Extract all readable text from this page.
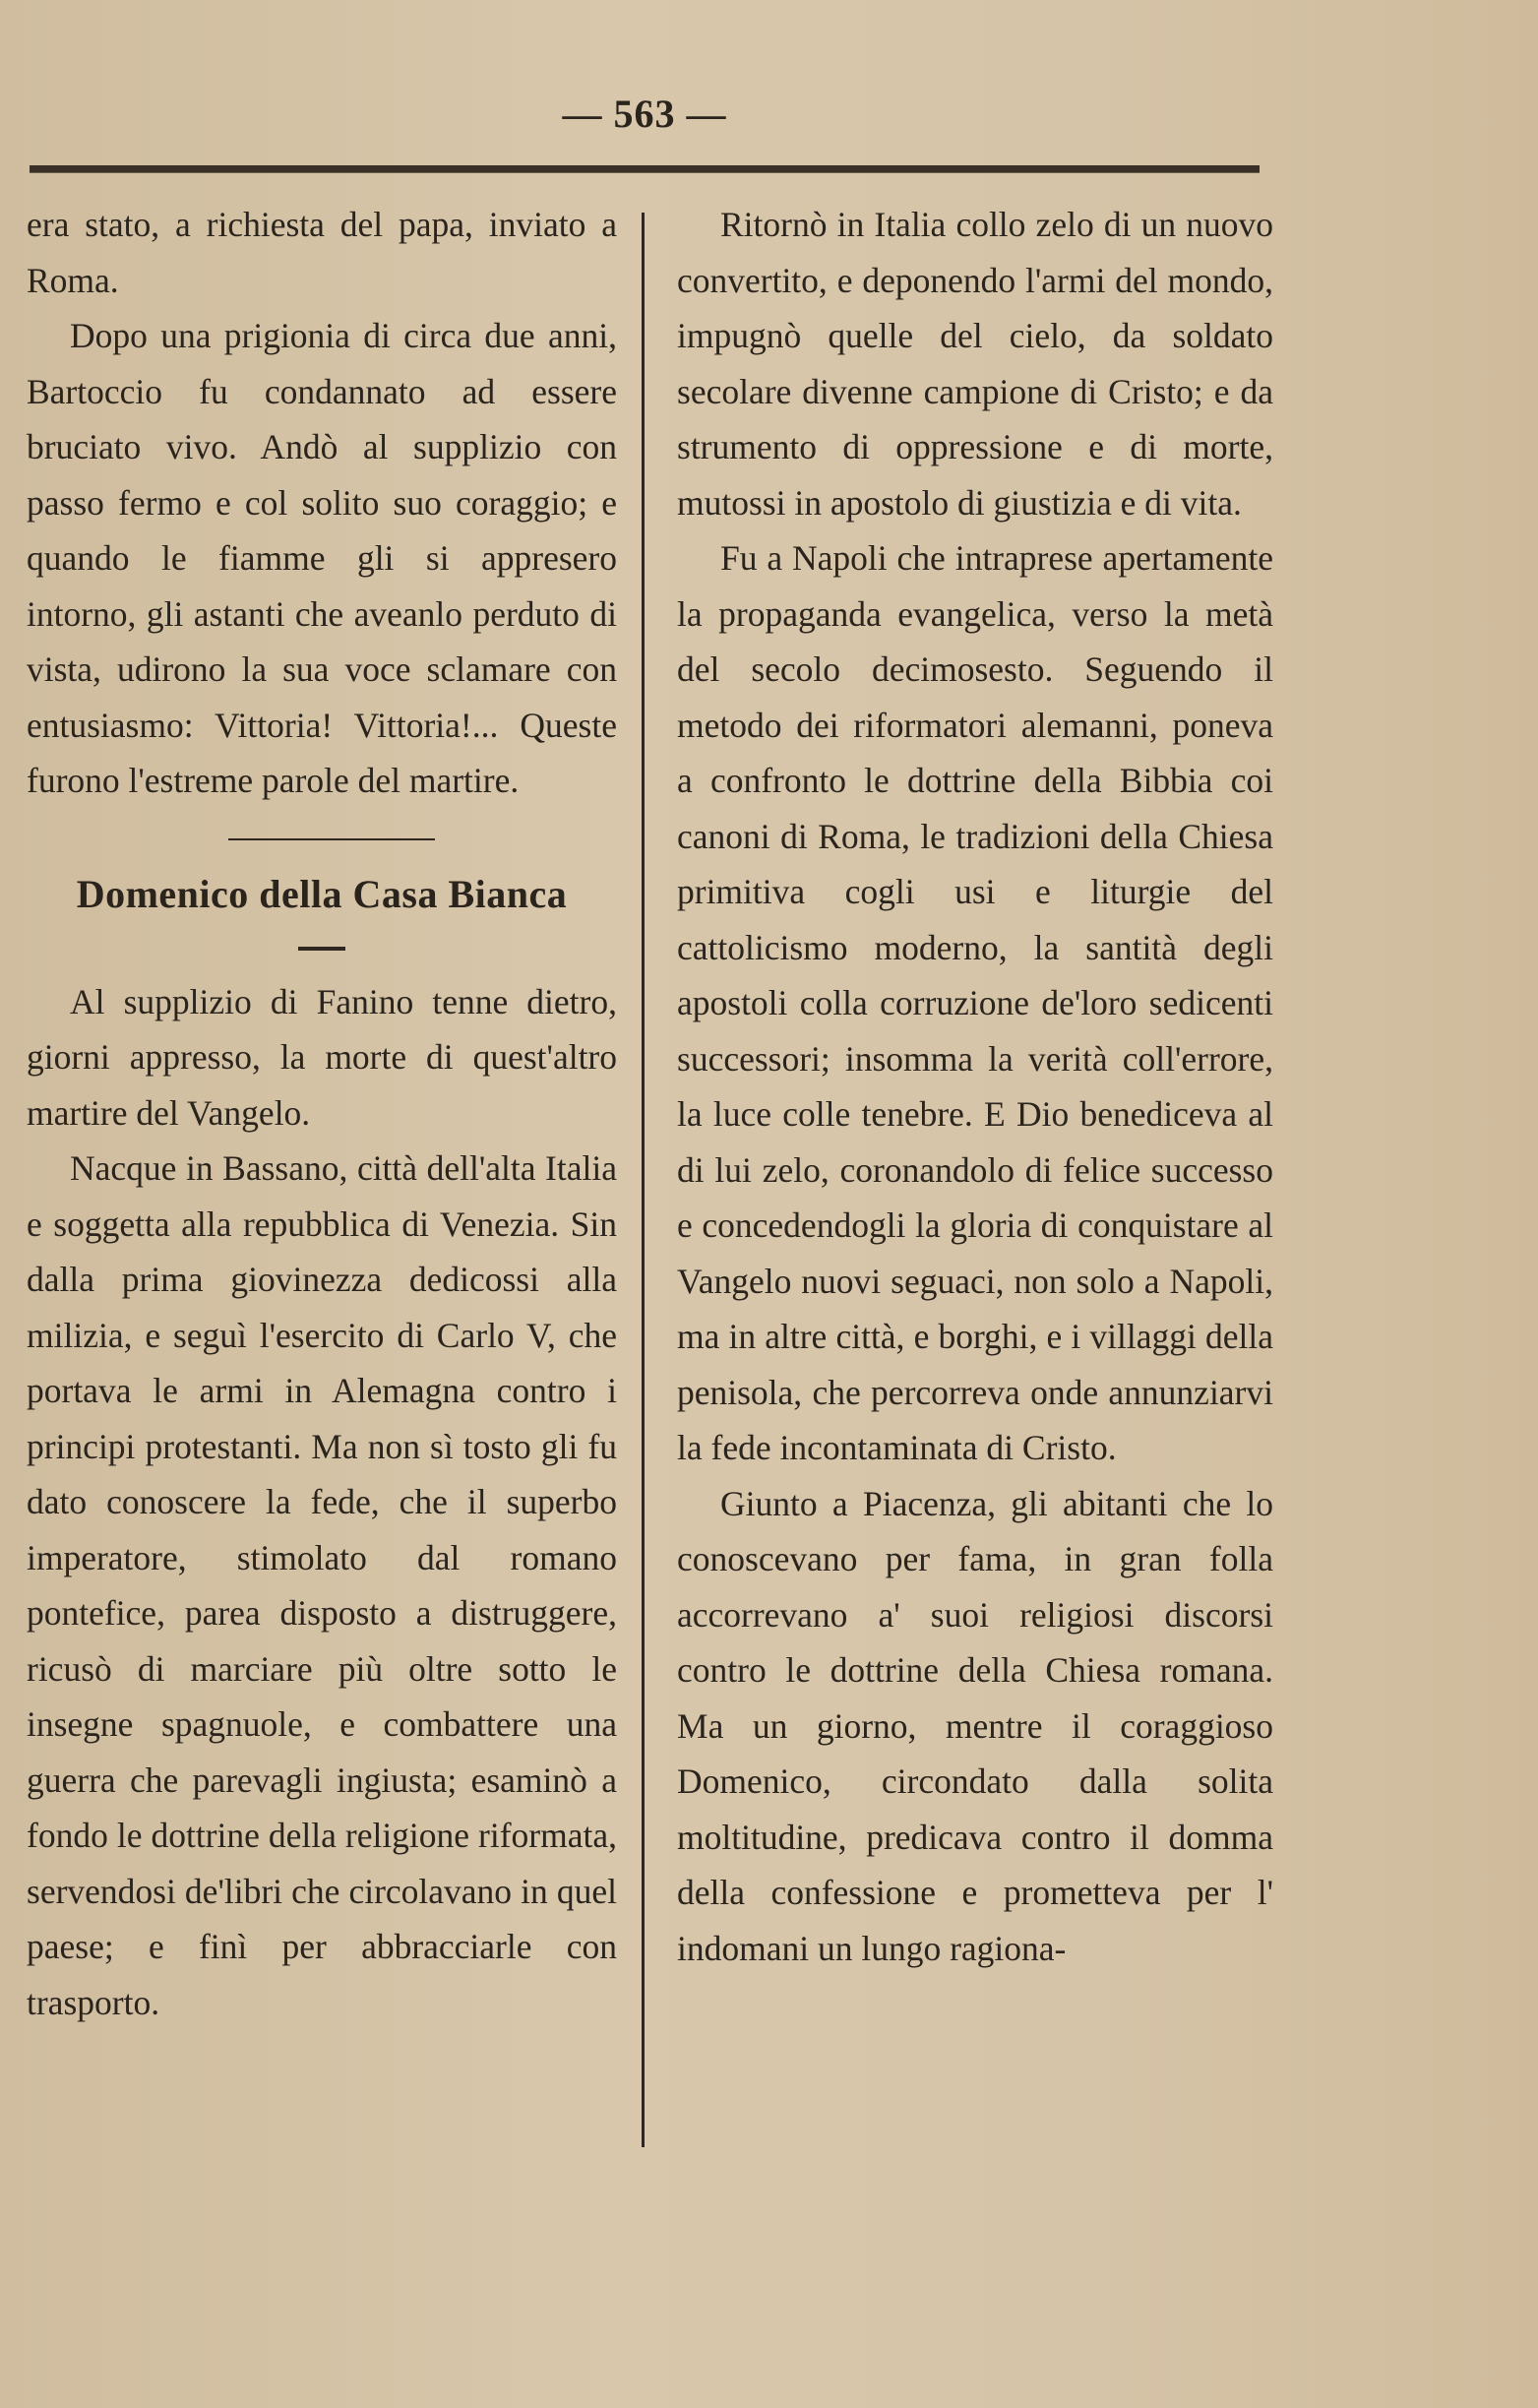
— 563 —

era stato, a richiesta del papa, inviato a Roma.

Dopo una prigionia di circa due anni, Bartoccio fu condannato ad essere bruciato vivo. Andò al supplizio con passo fermo e col solito suo coraggio; e quando le fiamme gli si appresero intorno, gli astanti che aveanlo perduto di vista, udirono la sua voce sclamare con entusiasmo: Vittoria! Vittoria!... Queste furono l'estreme parole del martire.

Domenico della Casa Bianca

Al supplizio di Fanino tenne dietro, giorni appresso, la morte di quest'altro martire del Vangelo.

Nacque in Bassano, città dell'alta Italia e soggetta alla repubblica di Venezia. Sin dalla prima giovinezza dedicossi alla milizia, e seguì l'esercito di Carlo V, che portava le armi in Alemagna contro i principi protestanti. Ma non sì tosto gli fu dato conoscere la fede, che il superbo imperatore, stimolato dal romano pontefice, parea disposto a distruggere, ricusò di marciare più oltre sotto le insegne spagnuole, e combattere una guerra che parevagli ingiusta; esaminò a fondo le dottrine della religione riformata, servendosi de'libri che circolavano in quel paese; e finì per abbracciarle con trasporto.

Ritornò in Italia collo zelo di un nuovo convertito, e deponendo l'armi del mondo, impugnò quelle del cielo, da soldato secolare divenne campione di Cristo; e da strumento di oppressione e di morte, mutossi in apostolo di giustizia e di vita.

Fu a Napoli che intraprese apertamente la propaganda evangelica, verso la metà del secolo decimosesto. Seguendo il metodo dei riformatori alemanni, poneva a confronto le dottrine della Bibbia coi canoni di Roma, le tradizioni della Chiesa primitiva cogli usi e liturgie del cattolicismo moderno, la santità degli apostoli colla corruzione de'loro sedicenti successori; insomma la verità coll'errore, la luce colle tenebre. E Dio benediceva al di lui zelo, coronandolo di felice successo e concedendogli la gloria di conquistare al Vangelo nuovi seguaci, non solo a Napoli, ma in altre città, e borghi, e i villaggi della penisola, che percorreva onde annunziarvi la fede incontaminata di Cristo.

Giunto a Piacenza, gli abitanti che lo conoscevano per fama, in gran folla accorrevano a' suoi religiosi discorsi contro le dottrine della Chiesa romana. Ma un giorno, mentre il coraggioso Domenico, circondato dalla solita moltitudine, predicava contro il domma della confessione e prometteva per l' indomani un lungo ragiona-
